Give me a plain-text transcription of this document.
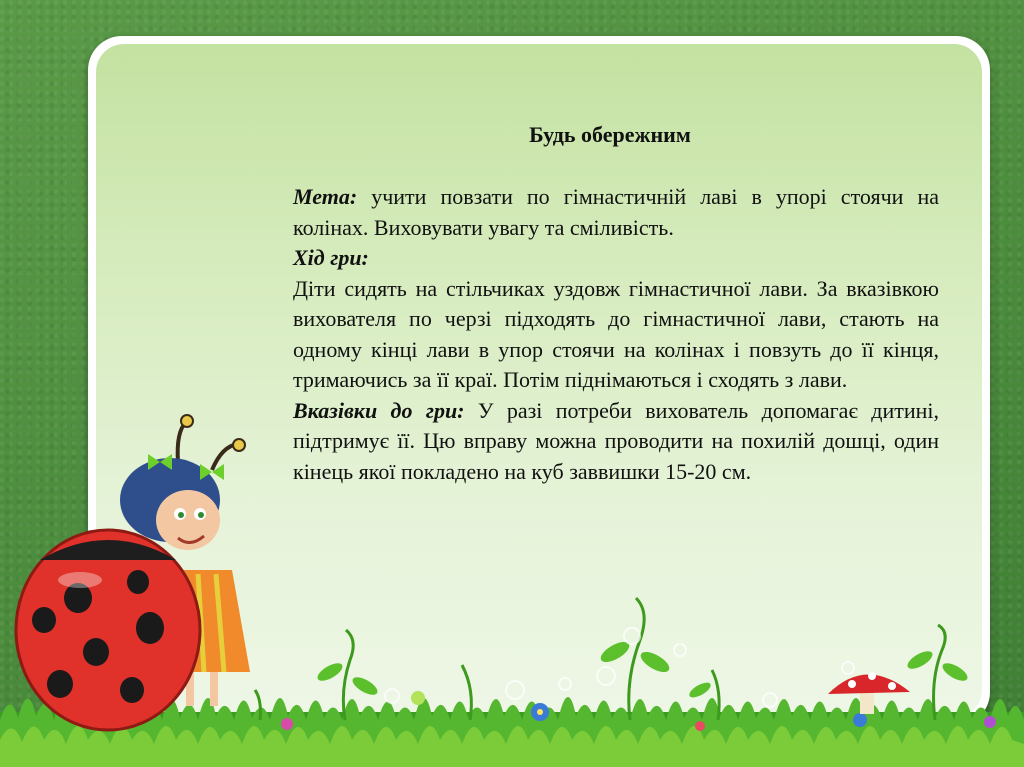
Будь обережним

Мета: учити повзати по гімнастичній лаві в упорі стоячи на колінах. Виховувати увагу та сміливість.

Хід гри:

Діти сидять на стільчиках уздовж гімнастичної лави. За вказівкою вихователя по черзі підходять до гімнастичної лави, стають на одному кінці лави в упор стоячи на колінах і повзуть до її кінця, тримаючись за її краї. Потім піднімаються і сходять з лави.

Вказівки до гри: У разі потреби вихователь допомагає дитині, підтримує її. Цю вправу можна проводити на похилій дошці, один кінець якої покладено на куб заввишки 15-20 см.
